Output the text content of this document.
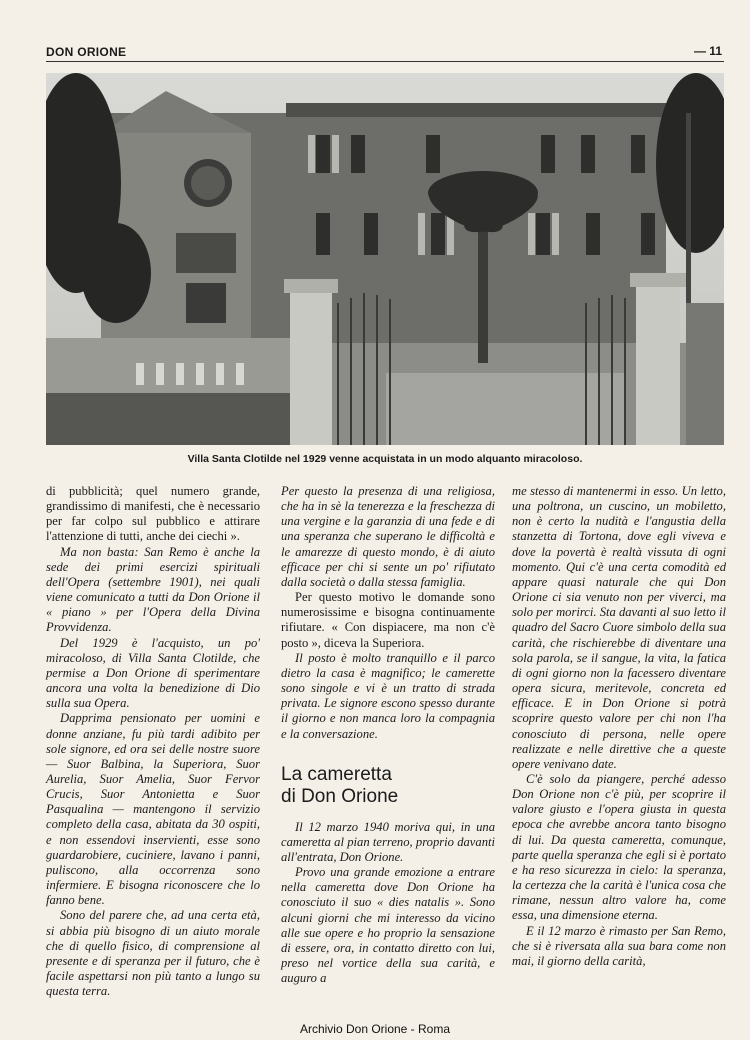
DON ORIONE	— 11
Villa Santa Clotilde nel 1929 venne acquistata in un modo alquanto miracoloso.

di pubblicità; quel numero grande, grandissimo di manifesti, che è necessario per far colpo sul pubblico e attirare l'attenzione di tutti, anche dei ciechi ».

Ma non basta: San Remo è anche la sede dei primi esercizi spirituali dell'Opera (settembre 1901), nei quali viene comunicato a tutti da Don Orione il « piano » per l'Opera della Divina Provvidenza.

Del 1929 è l'acquisto, un po' miracoloso, di Villa Santa Clotilde, che permise a Don Orione di sperimentare ancora una volta la benedizione di Dio sulla sua Opera.

Dapprima pensionato per uomini e donne anziane, fu più tardi adibito per sole signore, ed ora sei delle nostre suore — Suor Balbina, la Superiora, Suor Aurelia, Suor Amelia, Suor Fervor Crucis, Suor Antonietta e Suor Pasqualina — mantengono il servizio completo della casa, abitata da 30 ospiti, e non essendovi inservienti, esse sono guardarobiere, cuciniere, lavano i panni, puliscono, alla occorrenza sono infermiere. E bisogna riconoscere che lo fanno bene.

Sono del parere che, ad una certa età, si abbia più bisogno di un aiuto morale che di quello fisico, di comprensione al presente e di speranza per il futuro, che è facile aspettarsi non più tanto a lungo su questa terra.

Per questo la presenza di una religiosa, che ha in sè la tenerezza e la freschezza di una vergine e la garanzia di una fede e di una speranza che superano le difficoltà e le amarezze di questo mondo, è di aiuto efficace per chi si sente un po' rifiutato dalla società o dalla stessa famiglia.

Per questo motivo le domande sono numerosissime e bisogna continuamente rifiutare. « Con dispiacere, ma non c'è posto », diceva la Superiora.

Il posto è molto tranquillo e il parco dietro la casa è magnifico; le camerette sono singole e vi è un tratto di strada privata. Le signore escono spesso durante il giorno e non manca loro la compagnia e la conversazione.

La cameretta
di Don Orione

Il 12 marzo 1940 moriva qui, in una cameretta al pian terreno, proprio davanti all'entrata, Don Orione.

Provo una grande emozione a entrare nella cameretta dove Don Orione ha conosciuto il suo « dies natalis ». Sono alcuni giorni che mi interesso da vicino alle sue opere e ho proprio la sensazione di essere, ora, in contatto diretto con lui, preso nel vortice della sua carità, e auguro a

me stesso di mantenermi in esso. Un letto, una poltrona, un cuscino, un mobiletto, non è certo la nudità e l'angustia della stanzetta di Tortona, dove egli viveva e dove la povertà è realtà vissuta di ogni momento. Qui c'è una certa comodità ed appare quasi naturale che qui Don Orione ci sia venuto non per viverci, ma solo per morirci. Sta davanti al suo letto il quadro del Sacro Cuore simbolo della sua carità, che rischierebbe di diventare una sola parola, se il sangue, la vita, la fatica di ogni giorno non la facessero diventare opera sicura, meritevole, concreta ed efficace. E in Don Orione si potrà scoprire questo valore per chi non l'ha conosciuto di persona, nelle opere realizzate e nelle direttive che a queste opere venivano date.

C'è solo da piangere, perché adesso Don Orione non c'è più, per scoprire il valore giusto e l'opera giusta in questa epoca che avrebbe ancora tanto bisogno di lui. Da questa cameretta, comunque, parte quella speranza che egli si è portato e ha reso sicurezza in cielo: la speranza, la certezza che la carità è l'unica cosa che rimane, nessun altro valore ha, come essa, una dimensione eterna.

E il 12 marzo è rimasto per San Remo, che si è riversata alla sua bara come non mai, il giorno della carità,

Archivio Don Orione - Roma
